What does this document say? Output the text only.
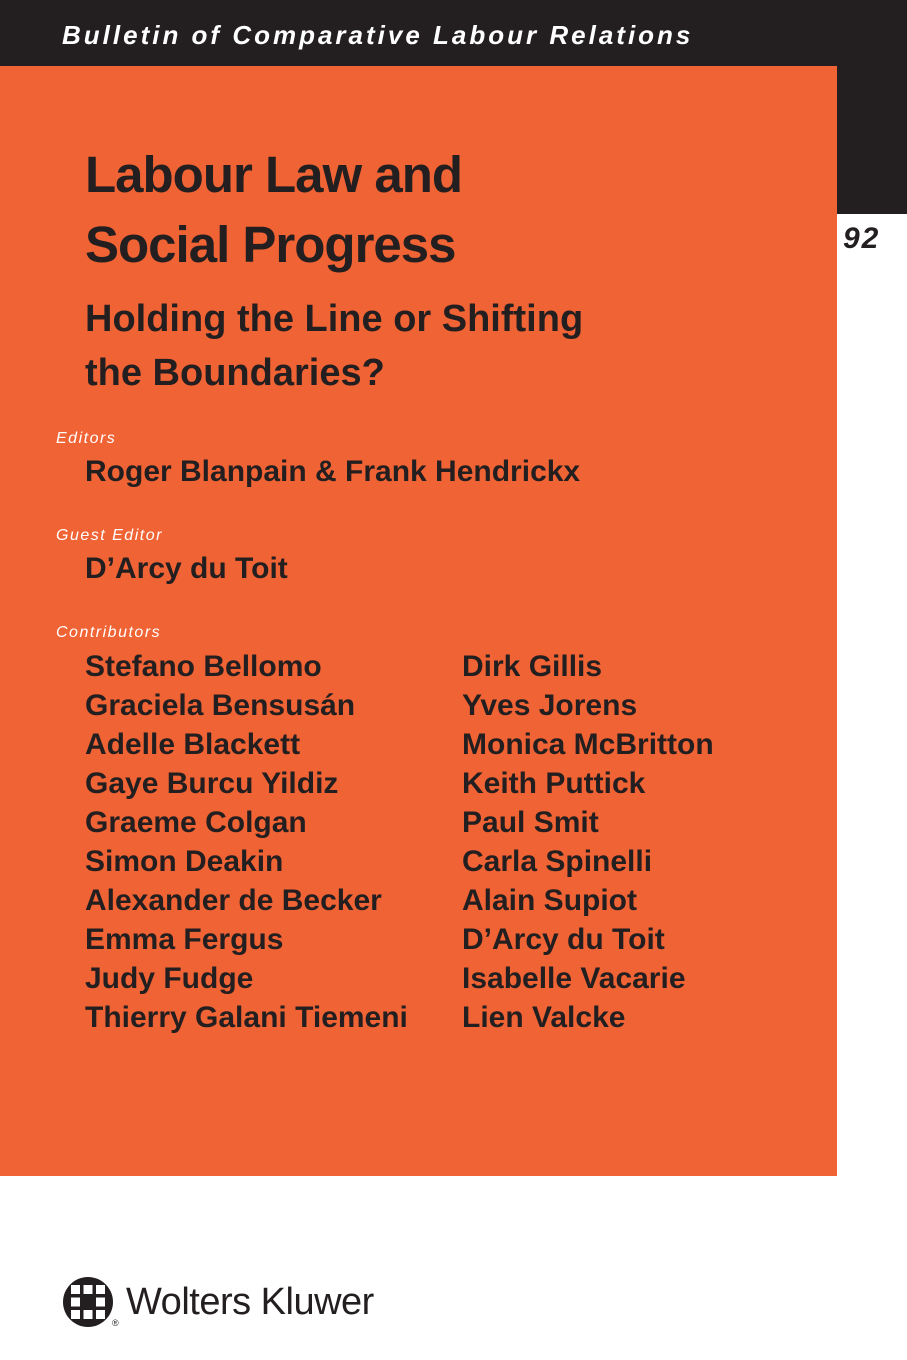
Bulletin of Comparative Labour Relations
92
Labour Law and
Social Progress
Holding the Line or Shifting
the Boundaries?
Editors
Roger Blanpain & Frank Hendrickx
Guest Editor
D’Arcy du Toit
Contributors
Stefano Bellomo
Graciela Bensusán
Adelle Blackett
Gaye Burcu Yildiz
Graeme Colgan
Simon Deakin
Alexander de Becker
Emma Fergus
Judy Fudge
Thierry Galani Tiemeni
Dirk Gillis
Yves Jorens
Monica McBritton
Keith Puttick
Paul Smit
Carla Spinelli
Alain Supiot
D’Arcy du Toit
Isabelle Vacarie
Lien Valcke
Wolters Kluwer
®
